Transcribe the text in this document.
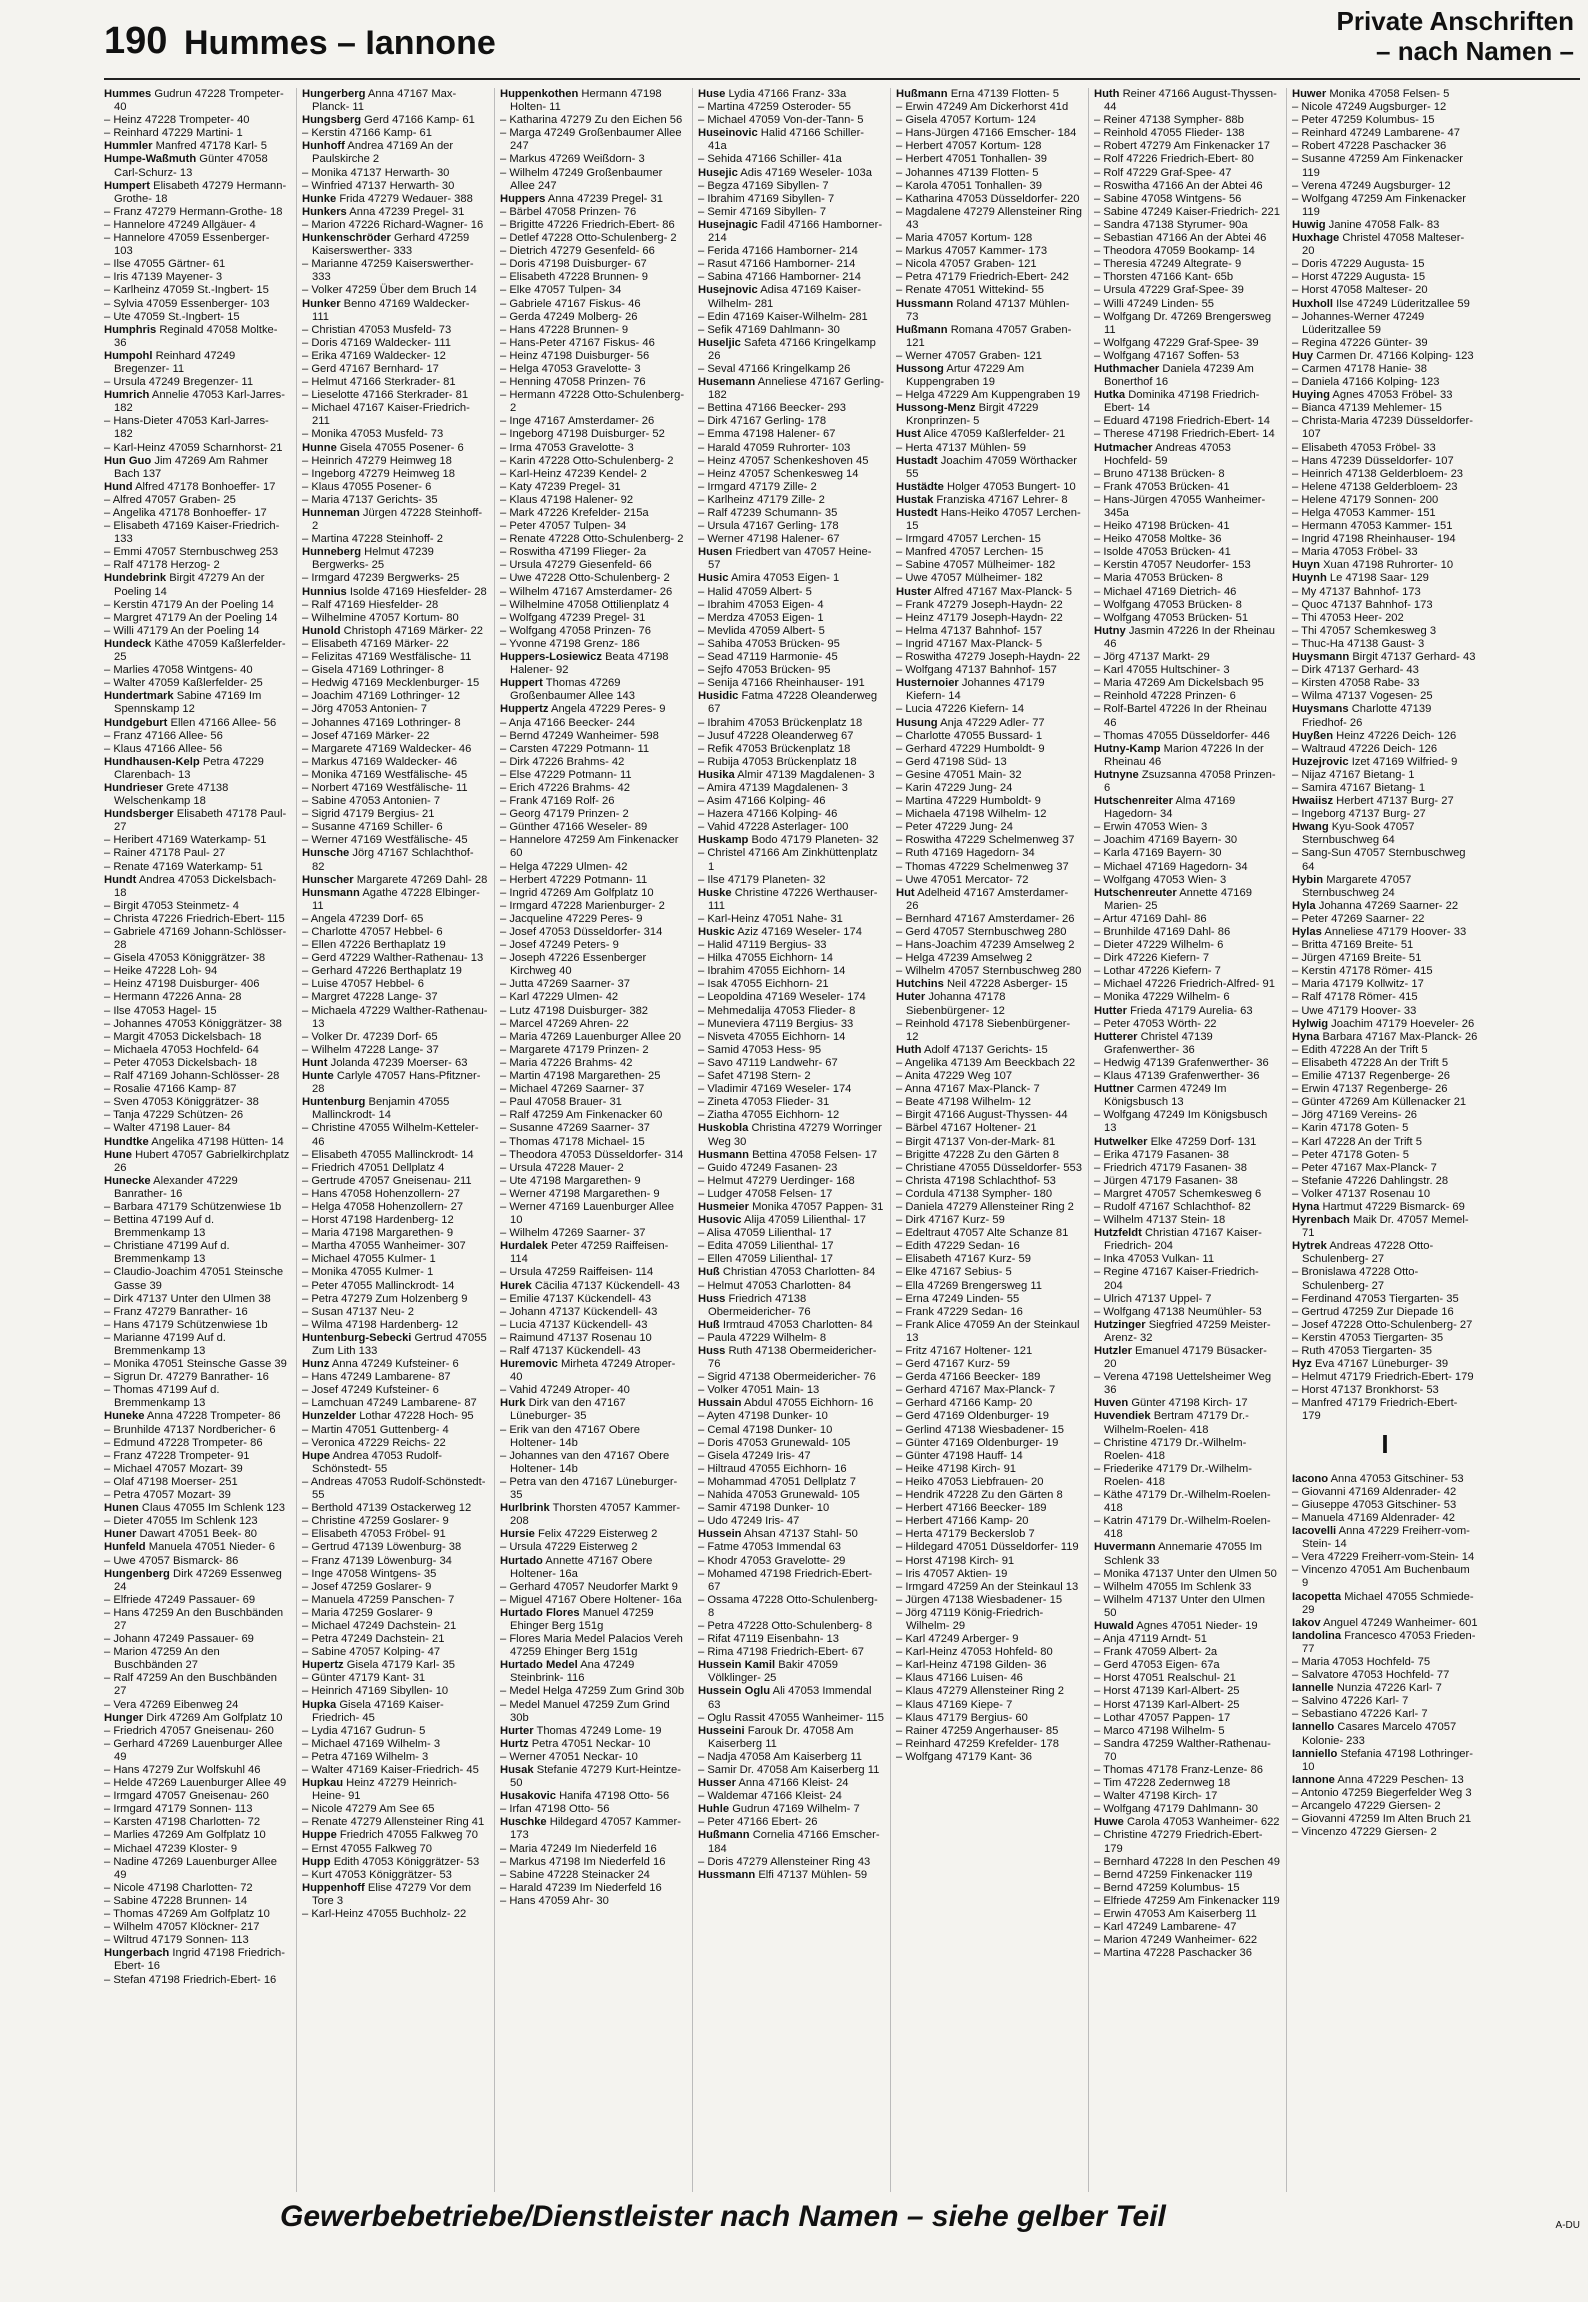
190 Hummes – Iannone
Private Anschriften
– nach Namen –
Hummes Gudrun 47228 Trompeter- 40
– Heinz 47228 Trompeter- 40
– Reinhard 47229 Martini- 1
Hummler Manfred 47178 Karl- 5
Humpe-Waßmuth Günter 47058 Carl-Schurz- 13
Humpert Elisabeth 47279 Hermann-Grothe- 18
– Franz 47279 Hermann-Grothe- 18
– Hannelore 47249 Allgäuer- 4
– Hannelore 47059 Essenberger- 103
– Ilse 47055 Gärtner- 61
– Iris 47139 Mayener- 3
– Karlheinz 47059 St.-Ingbert- 15
– Sylvia 47059 Essenberger- 103
– Ute 47059 St.-Ingbert- 15
Humphris Reginald 47058 Moltke- 36
Humpohl Reinhard 47249 Bregenzer- 11
– Ursula 47249 Bregenzer- 11
Humrich Annelie 47053 Karl-Jarres- 182
– Hans-Dieter 47053 Karl-Jarres- 182
– Karl-Heinz 47059 Scharnhorst- 21
Hun Guo Jim 47269 Am Rahmer Bach 137
Hund Alfred 47178 Bonhoeffer- 17
– Alfred 47057 Graben- 25
– Angelika 47178 Bonhoeffer- 17
– Elisabeth 47169 Kaiser-Friedrich- 133
– Emmi 47057 Sternbuschweg 253
– Ralf 47178 Herzog- 2
Hundebrink Birgit 47279 An der Poeling 14
– Kerstin 47179 An der Poeling 14
– Margret 47179 An der Poeling 14
– Willi 47179 An der Poeling 14
Hundeck Käthe 47059 Kaßlerfelder- 25
– Marlies 47058 Wintgens- 40
– Walter 47059 Kaßlerfelder- 25
Hundertmark Sabine 47169 Im Spennskamp 12
Hundgeburt Ellen 47166 Allee- 56
– Franz 47166 Allee- 56
– Klaus 47166 Allee- 56
Hundhausen-Kelp Petra 47229 Clarenbach- 13
Hundrieser Grete 47138 Welschenkamp 18
Hundsberger Elisabeth 47178 Paul- 27
– Heribert 47169 Waterkamp- 51
– Rainer 47178 Paul- 27
– Renate 47169 Waterkamp- 51
Hundt Andrea 47053 Dickelsbach- 18
– Birgit 47053 Steinmetz- 4
– Christa 47226 Friedrich-Ebert- 115
– Gabriele 47169 Johann-Schlösser- 28
– Gisela 47053 Königgrätzer- 38
– Heike 47228 Loh- 94
– Heinz 47198 Duisburger- 406
– Hermann 47226 Anna- 28
– Ilse 47053 Hagel- 15
– Johannes 47053 Königgrätzer- 38
– Margit 47053 Dickelsbach- 18
– Michaela 47053 Hochfeld- 64
– Peter 47053 Dickelsbach- 18
– Ralf 47169 Johann-Schlösser- 28
– Rosalie 47166 Kamp- 87
– Sven 47053 Königgrätzer- 38
– Tanja 47229 Schützen- 26
– Walter 47198 Lauer- 84
Hundtke Angelika 47198 Hütten- 14
Hune Hubert 47057 Gabrielkirchplatz 26
Hunecke Alexander 47229 Banrather- 16
– Barbara 47179 Schützenwiese 1b
– Bettina 47199 Auf d. Bremmenkamp 13
– Christiane 47199 Auf d. Bremmenkamp 13
– Claudio-Joachim 47051 Steinsche Gasse 39
– Dirk 47137 Unter den Ulmen 38
– Franz 47279 Banrather- 16
– Hans 47179 Schützenwiese 1b
– Marianne 47199 Auf d. Bremmenkamp 13
– Monika 47051 Steinsche Gasse 39
– Sigrun Dr. 47279 Banrather- 16
– Thomas 47199 Auf d. Bremmenkamp 13
Huneke Anna 47228 Trompeter- 86
– Brunhilde 47137 Nordbericher- 6
– Edmund 47228 Trompeter- 86
– Franz 47228 Trompeter- 91
– Michael 47057 Mozart- 39
– Olaf 47198 Moerser- 251
– Petra 47057 Mozart- 39
Hunen Claus 47055 Im Schlenk 123
– Dieter 47055 Im Schlenk 123
Huner Dawart 47051 Beek- 80
Hunfeld Manuela 47051 Nieder- 6
– Uwe 47057 Bismarck- 86
Hungenberg Dirk 47269 Essenweg 24
– Elfriede 47249 Passauer- 69
– Hans 47259 An den Buschbänden 27
– Johann 47249 Passauer- 69
– Marion 47259 An den Buschbänden 27
– Ralf 47259 An den Buschbänden 27
– Vera 47269 Eibenweg 24
Hunger Dirk 47269 Am Golfplatz 10
– Friedrich 47057 Gneisenau- 260
– Gerhard 47269 Lauenburger Allee 49
– Hans 47279 Zur Wolfskuhl 46
– Helde 47269 Lauenburger Allee 49
– Irmgard 47057 Gneisenau- 260
– Irmgard 47179 Sonnen- 113
– Karsten 47198 Charlotten- 72
– Marlies 47269 Am Golfplatz 10
– Michael 47239 Kloster- 9
– Nadine 47269 Lauenburger Allee 49
– Nicole 47198 Charlotten- 72
– Sabine 47228 Brunnen- 14
– Thomas 47269 Am Golfplatz 10
– Wilhelm 47057 Klöckner- 217
– Wiltrud 47179 Sonnen- 113
Hungerbach Ingrid 47198 Friedrich-Ebert- 16
– Stefan 47198 Friedrich-Ebert- 16
Hungerberg Anna 47167 Max-Planck- 11
Hungsberg Gerd 47166 Kamp- 61
– Kerstin 47166 Kamp- 61
Hunhoff Andrea 47169 An der Paulskirche 2
– Monika 47137 Herwarth- 30
– Winfried 47137 Herwarth- 30
Hunke Frida 47279 Wedauer- 388
Hunkers Anna 47239 Pregel- 31
– Marion 47226 Richard-Wagner- 16
Hunkenschröder Gerhard 47259 Kaiserswerther- 333
– Marianne 47259 Kaiserswerther- 333
– Volker 47259 Über dem Bruch 14
Hunker Benno 47169 Waldecker- 111
– Christian 47053 Musfeld- 73
– Doris 47169 Waldecker- 111
– Erika 47169 Waldecker- 12
– Gerd 47167 Bernhard- 17
– Helmut 47166 Sterkrader- 81
– Lieselotte 47166 Sterkrader- 81
– Michael 47167 Kaiser-Friedrich- 211
– Monika 47053 Musfeld- 73
Hunne Gisela 47055 Posener- 6
– Heinrich 47279 Heimweg 18
– Ingeborg 47279 Heimweg 18
– Klaus 47055 Posener- 6
– Maria 47137 Gerichts- 35
Hunneman Jürgen 47228 Steinhoff- 2
– Martina 47228 Steinhoff- 2
Hunneberg Helmut 47239 Bergwerks- 25
– Irmgard 47239 Bergwerks- 25
Hunnius Isolde 47169 Hiesfelder- 28
– Ralf 47169 Hiesfelder- 28
– Wilhelmine 47057 Kortum- 80
Hunold Christoph 47169 Märker- 22
– Elisabeth 47169 Märker- 22
– Felizitas 47169 Westfälische- 11
– Gisela 47169 Lothringer- 8
– Hedwig 47169 Mecklenburger- 15
– Joachim 47169 Lothringer- 12
– Jörg 47053 Antonien- 7
– Johannes 47169 Lothringer- 8
– Josef 47169 Märker- 22
– Margarete 47169 Waldecker- 46
– Markus 47169 Waldecker- 46
– Monika 47169 Westfälische- 45
– Norbert 47169 Westfälische- 11
– Sabine 47053 Antonien- 7
– Sigrid 47179 Bergius- 21
– Susanne 47169 Schiller- 6
– Werner 47169 Westfälische- 45
Hunsche Jörg 47167 Schlachthof- 82
Hunscher Margarete 47269 Dahl- 28
Hunsmann Agathe 47228 Elbinger- 11
– Angela 47239 Dorf- 65
– Charlotte 47057 Hebbel- 6
– Ellen 47226 Berthaplatz 19
– Gerd 47229 Walther-Rathenau- 13
– Gerhard 47226 Berthaplatz 19
– Luise 47057 Hebbel- 6
– Margret 47228 Lange- 37
– Michaela 47229 Walther-Rathenau- 13
– Volker Dr. 47239 Dorf- 65
– Wilhelm 47228 Lange- 37
Hunt Jolanda 47239 Moerser- 63
Hunte Carlyle 47057 Hans-Pfitzner- 28
Huntenburg Benjamin 47055 Mallinckrodt- 14
– Christine 47055 Wilhelm-Ketteler- 46
– Elisabeth 47055 Mallinckrodt- 14
– Friedrich 47051 Dellplatz 4
– Gertrude 47057 Gneisenau- 211
– Hans 47058 Hohenzollern- 27
– Helga 47058 Hohenzollern- 27
– Horst 47198 Hardenberg- 12
– Maria 47198 Margarethen- 9
– Martha 47055 Wanheimer- 307
– Michael 47055 Kulmer- 1
– Monika 47055 Kulmer- 1
– Peter 47055 Mallinckrodt- 14
– Petra 47279 Zum Holzenberg 9
– Susan 47137 Neu- 2
– Wilma 47198 Hardenberg- 12
Huntenburg-Sebecki Gertrud 47055 Zum Lith 133
Hunz Anna 47249 Kufsteiner- 6
– Hans 47249 Lambarene- 87
– Josef 47249 Kufsteiner- 6
– Lamchuan 47249 Lambarene- 87
Hunzelder Lothar 47228 Hoch- 95
– Martin 47051 Guttenberg- 4
– Veronica 47229 Reichs- 22
Hupe Andrea 47053 Rudolf-Schönstedt- 55
– Andreas 47053 Rudolf-Schönstedt- 55
– Berthold 47139 Ostackerweg 12
– Christine 47259 Goslarer- 9
– Elisabeth 47053 Fröbel- 91
– Gertrud 47139 Löwenburg- 38
– Franz 47139 Löwenburg- 34
– Inge 47058 Wintgens- 35
– Josef 47259 Goslarer- 9
– Manuela 47259 Panschen- 7
– Maria 47259 Goslarer- 9
– Michael 47249 Dachstein- 21
– Petra 47249 Dachstein- 21
– Sabine 47057 Kolping- 47
Hupertz Gisela 47179 Karl- 35
– Günter 47179 Kant- 31
– Heinrich 47169 Sibyllen- 10
Hupka Gisela 47169 Kaiser-Friedrich- 45
– Lydia 47167 Gudrun- 5
– Michael 47169 Wilhelm- 3
– Petra 47169 Wilhelm- 3
– Walter 47169 Kaiser-Friedrich- 45
Hupkau Heinz 47279 Heinrich-Heine- 91
– Nicole 47279 Am See 65
– Renate 47279 Allensteiner Ring 41
Huppe Friedrich 47055 Falkweg 70
– Ernst 47055 Falkweg 70
Hupp Edith 47053 Königgrätzer- 53
– Kurt 47053 Königgrätzer- 53
Huppenhoff Elise 47279 Vor dem Tore 3
– Karl-Heinz 47055 Buchholz- 22
Huppenkothen Hermann 47198 Holten- 11
– Katharina 47279 Zu den Eichen 56
– Marga 47249 Großenbaumer Allee 247
– Markus 47269 Weißdorn- 3
– Wilhelm 47249 Großenbaumer Allee 247
Huppers Anna 47239 Pregel- 31
– Bärbel 47058 Prinzen- 76
– Brigitte 47226 Friedrich-Ebert- 86
– Detlef 47228 Otto-Schulenberg- 2
– Dietrich 47279 Gesenfeld- 66
– Doris 47198 Duisburger- 67
– Elisabeth 47228 Brunnen- 9
– Elke 47057 Tulpen- 34
– Gabriele 47167 Fiskus- 46
– Gerda 47249 Molberg- 26
– Hans 47228 Brunnen- 9
– Hans-Peter 47167 Fiskus- 46
– Heinz 47198 Duisburger- 56
– Helga 47053 Gravelotte- 3
– Henning 47058 Prinzen- 76
– Hermann 47228 Otto-Schulenberg- 2
– Inge 47167 Amsterdamer- 26
– Ingeborg 47198 Duisburger- 52
– Irma 47053 Gravelotte- 3
– Karin 47228 Otto-Schulenberg- 2
– Karl-Heinz 47239 Kendel- 2
– Katy 47239 Pregel- 31
– Klaus 47198 Halener- 92
– Mark 47226 Krefelder- 215a
– Peter 47057 Tulpen- 34
– Renate 47228 Otto-Schulenberg- 2
– Roswitha 47199 Flieger- 2a
– Ursula 47279 Giesenfeld- 66
– Uwe 47228 Otto-Schulenberg- 2
– Wilhelm 47167 Amsterdamer- 26
– Wilhelmine 47058 Ottilienplatz 4
– Wolfgang 47239 Pregel- 31
– Wolfgang 47058 Prinzen- 76
– Yvonne 47198 Grenz- 186
Huppers-Losiewicz Beata 47198 Halener- 92
Huppert Thomas 47269 Großenbaumer Allee 143
Huppertz Angela 47229 Peres- 9
– Anja 47166 Beecker- 244
– Bernd 47249 Wanheimer- 598
– Carsten 47229 Potmann- 11
– Dirk 47226 Brahms- 42
– Else 47229 Potmann- 11
– Erich 47226 Brahms- 42
– Frank 47169 Rolf- 26
– Georg 47179 Prinzen- 2
– Günther 47166 Weseler- 89
– Hannelore 47259 Am Finkenacker 60
– Helga 47229 Ulmen- 42
– Herbert 47229 Potmann- 11
– Ingrid 47269 Am Golfplatz 10
– Irmgard 47228 Marienburger- 2
– Jacqueline 47229 Peres- 9
– Josef 47053 Düsseldorfer- 314
– Josef 47249 Peters- 9
– Joseph 47226 Essenberger Kirchweg 40
– Jutta 47269 Saarner- 37
– Karl 47229 Ulmen- 42
– Lutz 47198 Duisburger- 382
– Marcel 47269 Ahren- 22
– Maria 47269 Lauenburger Allee 20
– Margarete 47179 Prinzen- 2
– Maria 47226 Brahms- 42
– Martin 47198 Margarethen- 25
– Michael 47269 Saarner- 37
– Paul 47058 Brauer- 31
– Ralf 47259 Am Finkenacker 60
– Susanne 47269 Saarner- 37
– Thomas 47178 Michael- 15
– Theodora 47053 Düsseldorfer- 314
– Ursula 47228 Mauer- 2
– Ute 47198 Margarethen- 9
– Werner 47198 Margarethen- 9
– Werner 47169 Lauenburger Allee 10
– Wilhelm 47269 Saarner- 37
Hurdalek Peter 47259 Raiffeisen- 114
– Ursula 47259 Raiffeisen- 114
Hurek Cäcilia 47137 Kückendell- 43
– Emilie 47137 Kückendell- 43
– Johann 47137 Kückendell- 43
– Lucia 47137 Kückendell- 43
– Raimund 47137 Rosenau 10
– Ralf 47137 Kückendell- 43
Huremovic Mirheta 47249 Atroper- 40
– Vahid 47249 Atroper- 40
Hurk Dirk van den 47167 Lüneburger- 35
– Erik van den 47167 Obere Holtener- 14b
– Johannes van den 47167 Obere Holtener- 14b
– Petra van den 47167 Lüneburger- 35
Hurlbrink Thorsten 47057 Kammer- 208
Hursie Felix 47229 Eisterweg 2
– Ursula 47229 Eisterweg 2
Hurtado Annette 47167 Obere Holtener- 16a
– Gerhard 47057 Neudorfer Markt 9
– Miguel 47167 Obere Holtener- 16a
Hurtado Flores Manuel 47259 Ehinger Berg 151g
– Flores Maria Medel Palacios Vereh 47259 Ehinger Berg 151g
Hurtado Medel Ana 47249 Steinbrink- 116
– Medel Helga 47259 Zum Grind 30b
– Medel Manuel 47259 Zum Grind 30b
Hurter Thomas 47249 Lome- 19
Hurtz Petra 47051 Neckar- 10
– Werner 47051 Neckar- 10
Husak Stefanie 47279 Kurt-Heintze- 50
Husakovic Hanifa 47198 Otto- 56
– Irfan 47198 Otto- 56
Huschke Hildegard 47057 Kammer- 173
– Maria 47249 Im Niederfeld 16
– Markus 47198 Im Niederfeld 16
– Sabine 47228 Steinacker 24
– Harald 47239 Im Niederfeld 16
– Hans 47059 Ahr- 30
Huse Lydia 47166 Franz- 33a
– Martina 47259 Osteroder- 55
– Michael 47059 Von-der-Tann- 5
Huseinovic Halid 47166 Schiller- 41a
– Sehida 47166 Schiller- 41a
Husejic Adis 47169 Weseler- 103a
– Begza 47169 Sibyllen- 7
– Ibrahim 47169 Sibyllen- 7
– Semir 47169 Sibyllen- 7
Husejnagic Fadil 47166 Hamborner- 214
– Ferida 47166 Hamborner- 214
– Rasut 47166 Hamborner- 214
– Sabina 47166 Hamborner- 214
Husejnovic Adisa 47169 Kaiser-Wilhelm- 281
– Edin 47169 Kaiser-Wilhelm- 281
– Sefik 47169 Dahlmann- 30
Huseljic Safeta 47166 Kringelkamp 26
– Seval 47166 Kringelkamp 26
Husemann Anneliese 47167 Gerling- 182
– Bettina 47166 Beecker- 293
– Dirk 47167 Gerling- 178
– Emma 47198 Halener- 67
– Harald 47059 Ruhrorter- 103
– Heinz 47057 Schenkeshoven 45
– Heinz 47057 Schenkesweg 14
– Irmgard 47179 Zille- 2
– Karlheinz 47179 Zille- 2
– Ralf 47239 Schumann- 35
– Ursula 47167 Gerling- 178
– Werner 47198 Halener- 67
Husen Friedbert van 47057 Heine- 57
Husic Amira 47053 Eigen- 1
– Halid 47059 Albert- 5
– Ibrahim 47053 Eigen- 4
– Merdza 47053 Eigen- 1
– Mevlida 47059 Albert- 5
– Sahiba 47053 Brücken- 95
– Sead 47119 Harmonie- 45
– Sejfo 47053 Brücken- 95
– Senija 47166 Rheinhauser- 191
Husidic Fatma 47228 Oleanderweg 67
– Ibrahim 47053 Brückenplatz 18
– Jusuf 47228 Oleanderweg 67
– Refik 47053 Brückenplatz 18
– Rubija 47053 Brückenplatz 18
Husika Almir 47139 Magdalenen- 3
– Amira 47139 Magdalenen- 3
– Asim 47166 Kolping- 46
– Hazera 47166 Kolping- 46
– Vahid 47228 Asterlager- 100
Huskamp Bodo 47179 Planeten- 32
– Christel 47166 Am Zinkhüttenplatz 1
– Ilse 47179 Planeten- 32
Huske Christine 47226 Werthauser- 111
– Karl-Heinz 47051 Nahe- 31
Huskic Aziz 47169 Weseler- 174
– Halid 47119 Bergius- 33
– Hilka 47055 Eichhorn- 14
– Ibrahim 47055 Eichhorn- 14
– Isak 47055 Eichhorn- 21
– Leopoldina 47169 Weseler- 174
– Mehmedalija 47053 Flieder- 8
– Muneviera 47119 Bergius- 33
– Nisveta 47055 Eichhorn- 14
– Samid 47053 Hess- 95
– Savo 47119 Landwehr- 67
– Safet 47198 Stern- 2
– Vladimir 47169 Weseler- 174
– Zineta 47053 Flieder- 31
– Ziatha 47055 Eichhorn- 12
Huskobla Christina 47279 Worringer Weg 30
Husmann Bettina 47058 Felsen- 17
– Guido 47249 Fasanen- 23
– Helmut 47279 Uerdinger- 168
– Ludger 47058 Felsen- 17
Husmeier Monika 47057 Pappen- 31
Husovic Alija 47059 Lilienthal- 17
– Alisa 47059 Lilienthal- 17
– Edita 47059 Lilienthal- 17
– Ellen 47059 Lilienthal- 17
Huß Christian 47053 Charlotten- 84
– Helmut 47053 Charlotten- 84
Huss Friedrich 47138 Obermeidericher- 76
Huß Irmtraud 47053 Charlotten- 84
– Paula 47229 Wilhelm- 8
Huss Ruth 47138 Obermeidericher- 76
– Sigrid 47138 Obermeidericher- 76
– Volker 47051 Main- 13
Hussain Abdul 47055 Eichhorn- 16
– Ayten 47198 Dunker- 10
– Cemal 47198 Dunker- 10
– Doris 47053 Grunewald- 105
– Gisela 47249 Iris- 47
– Hiltraud 47055 Eichhorn- 16
– Mohammad 47051 Dellplatz 7
– Nahida 47053 Grunewald- 105
– Samir 47198 Dunker- 10
– Udo 47249 Iris- 47
Hussein Ahsan 47137 Stahl- 50
– Fatme 47053 Immendal 63
– Khodr 47053 Gravelotte- 29
– Mohamed 47198 Friedrich-Ebert- 67
– Ossama 47228 Otto-Schulenberg- 8
– Petra 47228 Otto-Schulenberg- 8
– Rifat 47119 Eisenbahn- 13
– Rima 47198 Friedrich-Ebert- 67
Hussein Kamil Bakir 47059 Völklinger- 25
Hussein Oglu Ali 47053 Immendal 63
– Oglu Rassit 47055 Wanheimer- 115
Husseini Farouk Dr. 47058 Am Kaiserberg 11
– Nadja 47058 Am Kaiserberg 11
– Samir Dr. 47058 Am Kaiserberg 11
Husser Anna 47166 Kleist- 24
– Waldemar 47166 Kleist- 24
Huhle Gudrun 47169 Wilhelm- 7
– Peter 47166 Ebert- 26
Hußmann Cornelia 47166 Emscher- 184
– Doris 47279 Allensteiner Ring 43
Hussmann Elfi 47137 Mühlen- 59
Hußmann Erna 47139 Flotten- 5
– Erwin 47249 Am Dickerhorst 41d
– Gisela 47057 Kortum- 124
– Hans-Jürgen 47166 Emscher- 184
– Herbert 47057 Kortum- 128
– Herbert 47051 Tonhallen- 39
– Johannes 47139 Flotten- 5
– Karola 47051 Tonhallen- 39
– Katharina 47053 Düsseldorfer- 220
– Magdalene 47279 Allensteiner Ring 43
– Maria 47057 Kortum- 128
– Markus 47057 Kammer- 173
– Nicola 47057 Graben- 121
– Petra 47179 Friedrich-Ebert- 242
– Renate 47051 Wittekind- 55
Hussmann Roland 47137 Mühlen- 73
Hußmann Romana 47057 Graben- 121
– Werner 47057 Graben- 121
Hussong Artur 47229 Am Kuppengraben 19
– Helga 47229 Am Kuppengraben 19
Hussong-Menz Birgit 47229 Kronprinzen- 5
Hust Alice 47059 Kaßlerfelder- 21
– Herta 47137 Mühlen- 59
Hustadt Joachim 47059 Wörthacker 55
Hustädte Holger 47053 Bungert- 10
Hustak Franziska 47167 Lehrer- 8
Hustedt Hans-Heiko 47057 Lerchen- 15
– Irmgard 47057 Lerchen- 15
– Manfred 47057 Lerchen- 15
– Sabine 47057 Mülheimer- 182
– Uwe 47057 Mülheimer- 182
Huster Alfred 47167 Max-Planck- 5
– Frank 47279 Joseph-Haydn- 22
– Heinz 47179 Joseph-Haydn- 22
– Helma 47137 Bahnhof- 157
– Ingrid 47167 Max-Planck- 5
– Roswitha 47279 Joseph-Haydn- 22
– Wolfgang 47137 Bahnhof- 157
Husternoier Johannes 47179 Kiefern- 14
– Lucia 47226 Kiefern- 14
Husung Anja 47229 Adler- 77
– Charlotte 47055 Bussard- 1
– Gerhard 47229 Humboldt- 9
– Gerd 47198 Süd- 13
– Gesine 47051 Main- 32
– Karin 47229 Jung- 24
– Martina 47229 Humboldt- 9
– Michaela 47198 Wilhelm- 12
– Peter 47229 Jung- 24
– Roswitha 47229 Schelmenweg 37
– Ruth 47169 Hagedorn- 34
– Thomas 47229 Schelmenweg 37
– Uwe 47051 Mercator- 72
Hut Adelheid 47167 Amsterdamer- 26
– Bernhard 47167 Amsterdamer- 26
– Gerd 47057 Sternbuschweg 280
– Hans-Joachim 47239 Amselweg 2
– Helga 47239 Amselweg 2
– Wilhelm 47057 Sternbuschweg 280
Hutchins Neil 47228 Asberger- 15
Huter Johanna 47178 Siebenbürgener- 12
– Reinhold 47178 Siebenbürgener- 12
Huth Adolf 47137 Gerichts- 15
– Angelika 47139 Am Beeckbach 22
– Anita 47229 Weg 107
– Anna 47167 Max-Planck- 7
– Beate 47198 Wilhelm- 12
– Birgit 47166 August-Thyssen- 44
– Bärbel 47167 Holtener- 21
– Birgit 47137 Von-der-Mark- 81
– Brigitte 47228 Zu den Gärten 8
– Christiane 47055 Düsseldorfer- 553
– Christa 47198 Schlachthof- 53
– Cordula 47138 Sympher- 180
– Daniela 47279 Allensteiner Ring 2
– Dirk 47167 Kurz- 59
– Edeltraut 47057 Alte Schanze 81
– Edith 47229 Sedan- 16
– Elisabeth 47167 Kurz- 59
– Elke 47167 Sebius- 5
– Ella 47269 Brengersweg 11
– Erna 47249 Linden- 55
– Frank 47229 Sedan- 16
– Frank Alice 47059 An der Steinkaul 13
– Fritz 47167 Holtener- 121
– Gerd 47167 Kurz- 59
– Gerda 47166 Beecker- 189
– Gerhard 47167 Max-Planck- 7
– Gerhard 47166 Kamp- 20
– Gerd 47169 Oldenburger- 19
– Gerlind 47138 Wiesbadener- 15
– Günter 47169 Oldenburger- 19
– Günter 47198 Hauff- 14
– Heike 47198 Kirch- 91
– Heiko 47053 Liebfrauen- 20
– Hendrik 47228 Zu den Gärten 8
– Herbert 47166 Beecker- 189
– Herbert 47166 Kamp- 20
– Herta 47179 Beckerslob 7
– Hildegard 47051 Düsseldorfer- 119
– Horst 47198 Kirch- 91
– Iris 47057 Aktien- 19
– Irmgard 47259 An der Steinkaul 13
– Jürgen 47138 Wiesbadener- 15
– Jörg 47119 König-Friedrich-Wilhelm- 29
– Karl 47249 Arberger- 9
– Karl-Heinz 47053 Hohfeld- 80
– Karl-Heinz 47198 Gilden- 36
– Klaus 47166 Luisen- 46
– Klaus 47279 Allensteiner Ring 2
– Klaus 47169 Kiepe- 7
– Klaus 47179 Bergius- 60
– Rainer 47259 Angerhauser- 85
– Reinhard 47259 Krefelder- 178
– Wolfgang 47179 Kant- 36
Huth Reiner 47166 August-Thyssen- 44
– Reiner 47138 Sympher- 88b
– Reinhold 47055 Flieder- 138
– Robert 47279 Am Finkenacker 17
– Rolf 47226 Friedrich-Ebert- 80
– Rolf 47229 Graf-Spee- 47
– Roswitha 47166 An der Abtei 46
– Sabine 47058 Wintgens- 56
– Sabine 47249 Kaiser-Friedrich- 221
– Sandra 47138 Styrumer- 90a
– Sebastian 47166 An der Abtei 46
– Theodora 47059 Bookamp- 14
– Theresia 47249 Altegrate- 9
– Thorsten 47166 Kant- 65b
– Ursula 47229 Graf-Spee- 39
– Willi 47249 Linden- 55
– Wolfgang Dr. 47269 Brengersweg 11
– Wolfgang 47229 Graf-Spee- 39
– Wolfgang 47167 Soffen- 53
Huthmacher Daniela 47239 Am Bonerthof 16
Hutka Dominika 47198 Friedrich-Ebert- 14
– Eduard 47198 Friedrich-Ebert- 14
– Therese 47198 Friedrich-Ebert- 14
Hutmacher Andreas 47053 Hochfeld- 59
– Bruno 47138 Brücken- 8
– Frank 47053 Brücken- 41
– Hans-Jürgen 47055 Wanheimer- 345a
– Heiko 47198 Brücken- 41
– Heiko 47058 Moltke- 36
– Isolde 47053 Brücken- 41
– Kerstin 47057 Neudorfer- 153
– Maria 47053 Brücken- 8
– Michael 47169 Dietrich- 46
– Wolfgang 47053 Brücken- 8
– Wolfgang 47053 Brücken- 51
Hutny Jasmin 47226 In der Rheinau 46
– Jörg 47137 Markt- 29
– Karl 47055 Hultschiner- 3
– Maria 47269 Am Dickelsbach 95
– Reinhold 47228 Prinzen- 6
– Rolf-Bartel 47226 In der Rheinau 46
– Thomas 47055 Düsseldorfer- 446
Hutny-Kamp Marion 47226 In der Rheinau 46
Hutnyne Zsuzsanna 47058 Prinzen- 6
Hutschenreiter Alma 47169 Hagedorn- 34
– Erwin 47053 Wien- 3
– Joachim 47169 Bayern- 30
– Karla 47169 Bayern- 30
– Michael 47169 Hagedorn- 34
– Wolfgang 47053 Wien- 3
Hutschenreuter Annette 47169 Marien- 25
– Artur 47169 Dahl- 86
– Brunhilde 47169 Dahl- 86
– Dieter 47229 Wilhelm- 6
– Dirk 47226 Kiefern- 7
– Lothar 47226 Kiefern- 7
– Michael 47226 Friedrich-Alfred- 91
– Monika 47229 Wilhelm- 6
Hutter Frieda 47179 Aurelia- 63
– Peter 47053 Wörth- 22
Hutterer Christel 47139 Grafenwerther- 36
– Hedwig 47139 Grafenwerther- 36
– Klaus 47139 Grafenwerther- 36
Huttner Carmen 47249 Im Königsbusch 13
– Wolfgang 47249 Im Königsbusch 13
Hutwelker Elke 47259 Dorf- 131
– Erika 47179 Fasanen- 38
– Friedrich 47179 Fasanen- 38
– Jürgen 47179 Fasanen- 38
– Margret 47057 Schemkesweg 6
– Rudolf 47167 Schlachthof- 82
– Wilhelm 47137 Stein- 18
Hutzfeldt Christian 47167 Kaiser-Friedrich- 204
– Inka 47053 Vulkan- 11
– Regine 47167 Kaiser-Friedrich- 204
– Ulrich 47137 Uppel- 7
– Wolfgang 47138 Neumühler- 53
Hutzinger Siegfried 47259 Meister-Arenz- 32
Hutzler Emanuel 47179 Büsacker- 20
– Verena 47198 Uettelsheimer Weg 36
Huven Günter 47198 Kirch- 17
Huvendiek Bertram 47179 Dr.-Wilhelm-Roelen- 418
– Christine 47179 Dr.-Wilhelm-Roelen- 418
– Friederike 47179 Dr.-Wilhelm-Roelen- 418
– Käthe 47179 Dr.-Wilhelm-Roelen- 418
– Katrin 47179 Dr.-Wilhelm-Roelen- 418
Huvermann Annemarie 47055 Im Schlenk 33
– Monika 47137 Unter den Ulmen 50
– Wilhelm 47055 Im Schlenk 33
– Wilhelm 47137 Unter den Ulmen 50
Huwald Agnes 47051 Nieder- 19
– Anja 47119 Arndt- 51
– Frank 47059 Albert- 2a
– Gerd 47053 Eigen- 67a
– Horst 47051 Realschul- 21
– Horst 47139 Karl-Albert- 25
– Horst 47139 Karl-Albert- 25
– Lothar 47057 Pappen- 17
– Marco 47198 Wilhelm- 5
– Sandra 47259 Walther-Rathenau- 70
– Thomas 47178 Franz-Lenze- 86
– Tim 47228 Zedernweg 18
– Walter 47198 Kirch- 17
– Wolfgang 47179 Dahlmann- 30
Huwe Carola 47053 Wanheimer- 622
– Christine 47279 Friedrich-Ebert- 179
– Bernhard 47228 In den Peschen 49
– Bernd 47259 Finkenacker 119
– Bernd 47259 Kolumbus- 15
– Elfriede 47259 Am Finkenacker 119
– Erwin 47053 Am Kaiserberg 11
– Karl 47249 Lambarene- 47
– Marion 47249 Wanheimer- 622
– Martina 47228 Paschacker 36
Huwer Monika 47058 Felsen- 5
– Nicole 47249 Augsburger- 12
– Peter 47259 Kolumbus- 15
– Reinhard 47249 Lambarene- 47
– Robert 47228 Paschacker 36
– Susanne 47259 Am Finkenacker 119
– Verena 47249 Augsburger- 12
– Wolfgang 47259 Am Finkenacker 119
Huwig Janine 47058 Falk- 83
Huxhage Christel 47058 Malteser- 20
– Doris 47229 Augusta- 15
– Horst 47229 Augusta- 15
– Horst 47058 Malteser- 20
Huxholl Ilse 47249 Lüderitzallee 59
– Johannes-Werner 47249 Lüderitzallee 59
– Regina 47226 Günter- 39
Huy Carmen Dr. 47166 Kolping- 123
– Carmen 47178 Hanie- 38
– Daniela 47166 Kolping- 123
Huying Agnes 47053 Fröbel- 33
– Bianca 47139 Mehlemer- 15
– Christa-Maria 47239 Düsseldorfer- 107
– Elisabeth 47053 Fröbel- 33
– Hans 47239 Düsseldorfer- 107
– Heinrich 47138 Gelderbloem- 23
– Helene 47138 Gelderbloem- 23
– Helene 47179 Sonnen- 200
– Helga 47053 Kammer- 151
– Hermann 47053 Kammer- 151
– Ingrid 47198 Rheinhauser- 194
– Maria 47053 Fröbel- 33
Huyn Xuan 47198 Ruhrorter- 10
Huynh Le 47198 Saar- 129
– My 47137 Bahnhof- 173
– Quoc 47137 Bahnhof- 173
– Thi 47053 Heer- 202
– Thi 47057 Schemkesweg 3
– Thuc-Ha 47138 Gaust- 3
Huysmann Birgit 47137 Gerhard- 43
– Dirk 47137 Gerhard- 43
– Kirsten 47058 Rabe- 33
– Wilma 47137 Vogesen- 25
Huysmans Charlotte 47139 Friedhof- 26
Huyßen Heinz 47226 Deich- 126
– Waltraud 47226 Deich- 126
Huzejrovic Izet 47169 Wilfried- 9
– Nijaz 47167 Bietang- 1
– Samira 47167 Bietang- 1
Hwaiisz Herbert 47137 Burg- 27
– Ingeborg 47137 Burg- 27
Hwang Kyu-Sook 47057 Sternbuschweg 64
– Sang-Sun 47057 Sternbuschweg 64
Hybin Margarete 47057 Sternbuschweg 24
Hyla Johanna 47269 Saarner- 22
– Peter 47269 Saarner- 22
Hylas Anneliese 47179 Hoover- 33
– Britta 47169 Breite- 51
– Jürgen 47169 Breite- 51
– Kerstin 47178 Römer- 415
– Maria 47179 Kollwitz- 17
– Ralf 47178 Römer- 415
– Uwe 47179 Hoover- 33
Hylwig Joachim 47179 Hoeveler- 26
Hyna Barbara 47167 Max-Planck- 26
– Edith 47228 An der Trift 5
– Elisabeth 47228 An der Trift 5
– Emilie 47137 Regenberge- 26
– Erwin 47137 Regenberge- 26
– Günter 47269 Am Küllenacker 21
– Jörg 47169 Vereins- 26
– Karin 47178 Goten- 5
– Karl 47228 An der Trift 5
– Peter 47178 Goten- 5
– Peter 47167 Max-Planck- 7
– Stefanie 47226 Dahlingstr. 28
– Volker 47137 Rosenau 10
Hyna Hartmut 47229 Bismarck- 69
Hyrenbach Maik Dr. 47057 Memel- 71
Hytrek Andreas 47228 Otto-Schulenberg- 27
– Bronislawa 47228 Otto-Schulenberg- 27
– Ferdinand 47053 Tiergarten- 35
– Gertrud 47259 Zur Diepade 16
– Josef 47228 Otto-Schulenberg- 27
– Kerstin 47053 Tiergarten- 35
– Ruth 47053 Tiergarten- 35
Hyz Eva 47167 Lüneburger- 39
– Helmut 47179 Friedrich-Ebert- 179
– Horst 47137 Bronkhorst- 53
– Manfred 47179 Friedrich-Ebert- 179
I
Iacono Anna 47053 Gitschiner- 53
– Giovanni 47169 Aldenrader- 42
– Giuseppe 47053 Gitschiner- 53
– Manuela 47169 Aldenrader- 42
Iacovelli Anna 47229 Freiherr-vom-Stein- 14
– Vera 47229 Freiherr-vom-Stein- 14
– Vincenzo 47051 Am Buchenbaum 9
Iacopetta Michael 47055 Schmiede- 29
Iakov Anguel 47249 Wanheimer- 601
Iandolina Francesco 47053 Frieden- 77
– Maria 47053 Hochfeld- 75
– Salvatore 47053 Hochfeld- 77
Iannelle Nunzia 47226 Karl- 7
– Salvino 47226 Karl- 7
– Sebastiano 47226 Karl- 7
Iannello Casares Marcelo 47057 Kolonie- 233
Ianniello Stefania 47198 Lothringer- 10
Iannone Anna 47229 Peschen- 13
– Antonio 47259 Biegerfelder Weg 3
– Arcangelo 47229 Giersen- 2
– Giovanni 47259 Im Alten Bruch 21
– Vincenzo 47229 Giersen- 2
Gewerbebetriebe/Dienstleister nach Namen – siehe gelber Teil	A-DU
